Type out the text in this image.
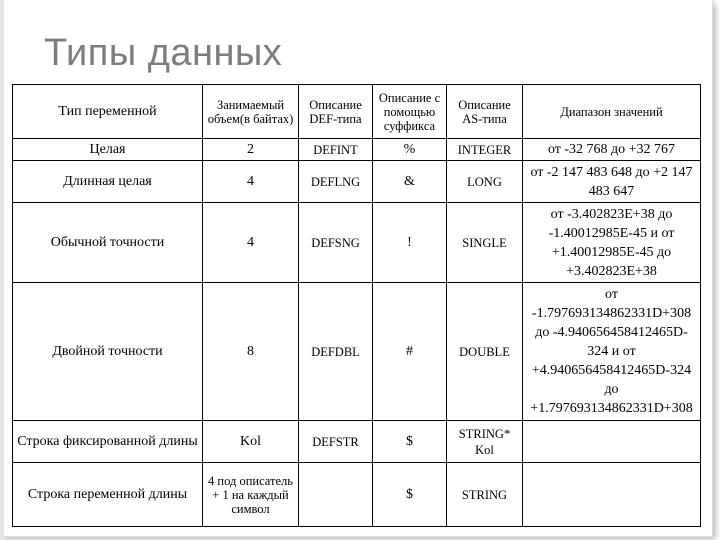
Типы данных
Тип переменной	Занимаемый объем(в байтах)	Описание DEF-типа	Описание с помощью суффикса	Описание AS-типа	Диапазон значений
Целая	2	DEFINT	%	INTEGER	от -32 768 до +32 767
Длинная целая	4	DEFLNG	&	LONG	от -2 147 483 648 до +2 147 483 647
Обычной точности	4	DEFSNG	!	SINGLE	от -3.402823E+38 до -1.40012985E-45 и от +1.40012985E-45 до +3.402823E+38
Двойной точности	8	DEFDBL	#	DOUBLE	от -1.797693134862331D+308 до -4.940656458412465D-324 и от +4.940656458412465D-324 до +1.797693134862331D+308
Строка фиксированной длины	Kol	DEFSTR	$	STRING* Kol	
Строка переменной длины	4 под описатель + 1 на каждый символ		$	STRING	
